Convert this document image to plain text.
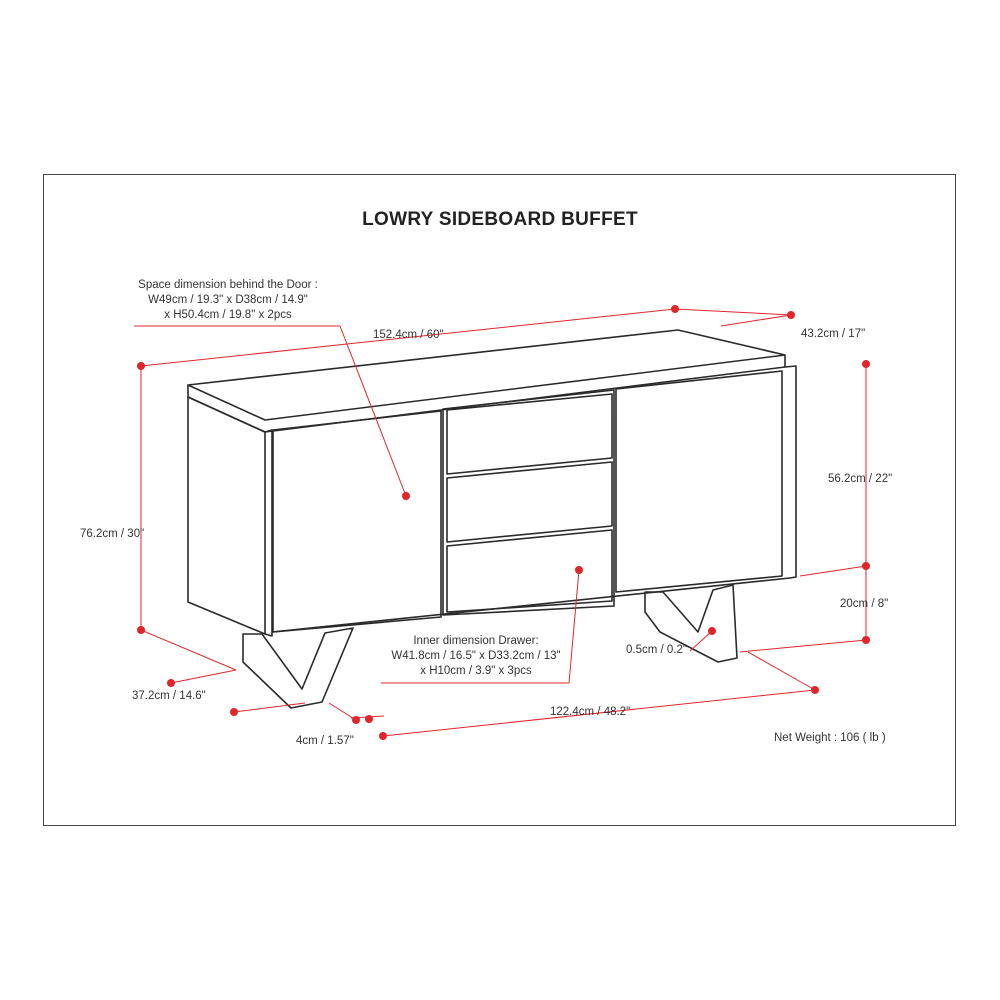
LOWRY SIDEBOARD BUFFET
Space dimension behind the Door :
W49cm / 19.3" x D38cm / 14.9"
x H50.4cm / 19.8" x 2pcs
152.4cm / 60"	43.2cm / 17"
76.2cm / 30"
56.2cm / 22"
20cm / 8"
0.5cm / 0.2"
Inner dimension Drawer:
W41.8cm / 16.5" x D33.2cm / 13"
x H10cm / 3.9" x 3pcs
37.2cm / 14.6"
122.4cm / 48.2"
4cm / 1.57"	Net Weight : 106 ( lb )
